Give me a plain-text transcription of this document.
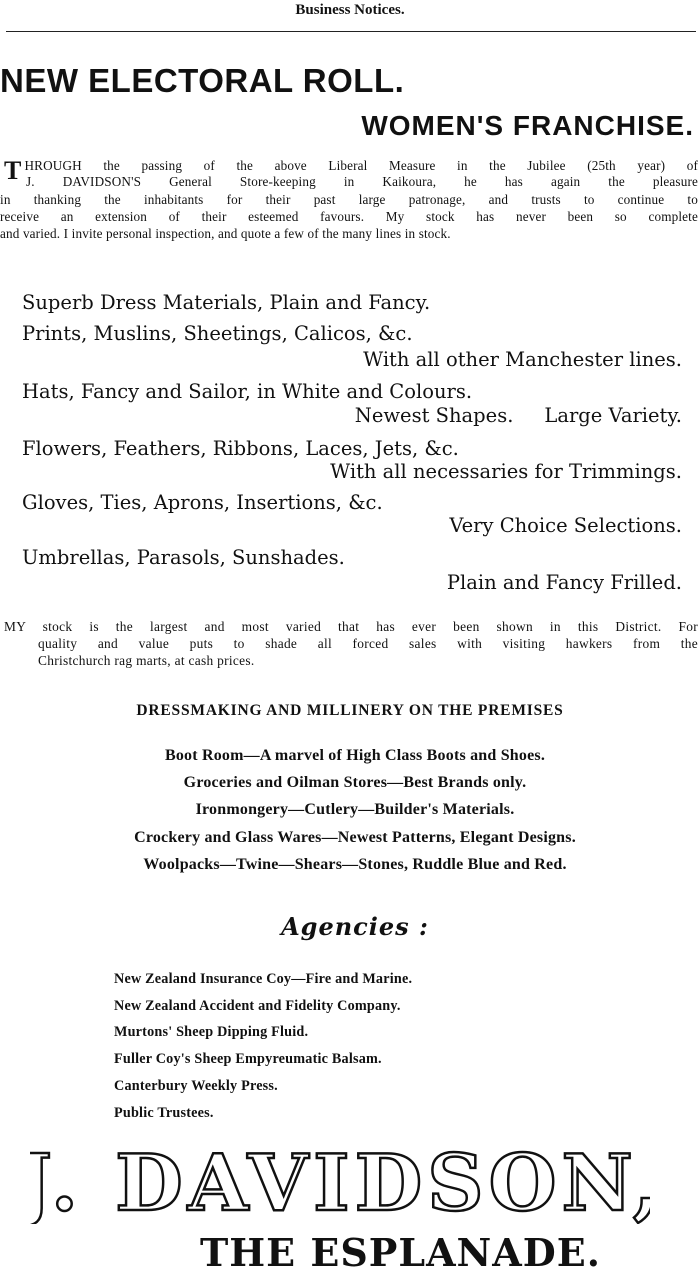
Business Notices.
NEW ELECTORAL ROLL.
WOMEN'S FRANCHISE.
T HROUGH the passing of the above Liberal Measure in the Jubilee (25th year) of
J. DAVIDSON'S General Store-keeping in Kaikoura, he has again the pleasure
in thanking the inhabitants for their past large patronage, and trusts to continue to
receive an extension of their esteemed favours. My stock has never been so complete
and varied. I invite personal inspection, and quote a few of the many lines in stock.
Superb Dress Materials, Plain and Fancy.
Prints, Muslins, Sheetings, Calicos, &c.
With all other Manchester lines.
Hats, Fancy and Sailor, in White and Colours.
Newest Shapes.     Large Variety.
Flowers, Feathers, Ribbons, Laces, Jets, &c.
With all necessaries for Trimmings.
Gloves, Ties, Aprons, Insertions, &c.
Very Choice Selections.
Umbrellas, Parasols, Sunshades.
Plain and Fancy Frilled.
MY stock is the largest and most varied that has ever been shown in this District. For
quality and value puts to shade all forced sales with visiting hawkers from the
Christchurch rag marts, at cash prices.
DRESSMAKING AND MILLINERY ON THE PREMISES
Boot Room—A marvel of High Class Boots and Shoes.
Groceries and Oilman Stores—Best Brands only.
Ironmongery—Cutlery—Builder's Materials.
Crockery and Glass Wares—Newest Patterns, Elegant Designs.
Woolpacks—Twine—Shears—Stones, Ruddle Blue and Red.
Agencies :
New Zealand Insurance Coy—Fire and Marine.
New Zealand Accident and Fidelity Company.
Murtons' Sheep Dipping Fluid.
Fuller Coy's Sheep Empyreumatic Balsam.
Canterbury Weekly Press.
Public Trustees.
J. DAVIDSON,
THE ESPLANADE.
